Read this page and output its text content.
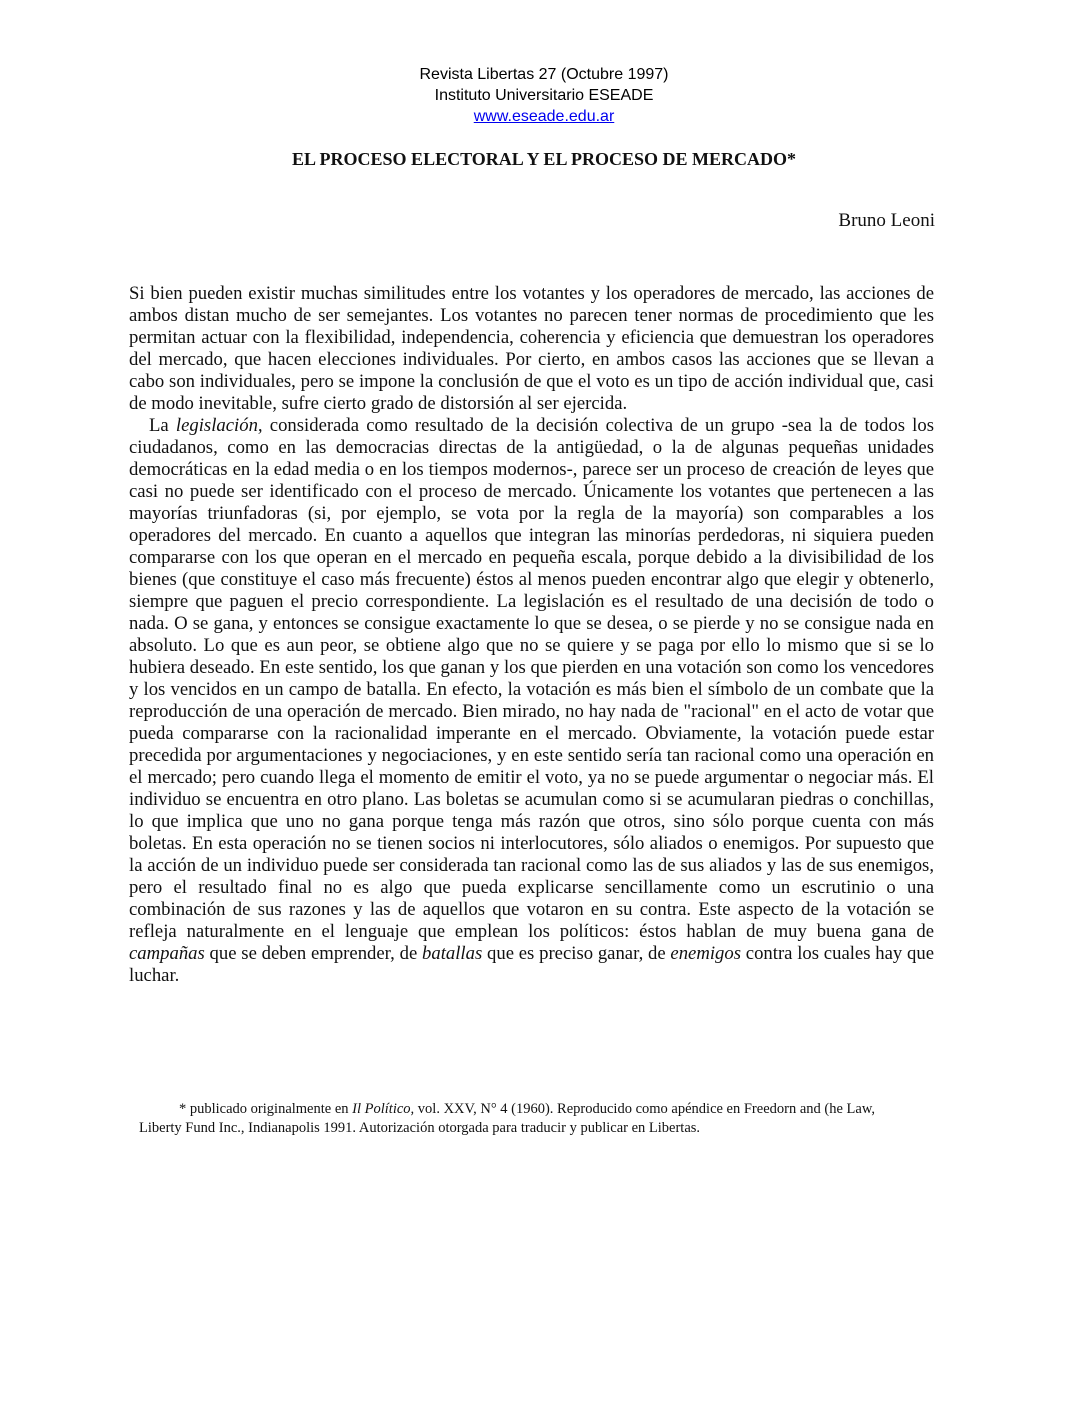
Revista Libertas 27 (Octubre 1997)
Instituto Universitario ESEADE
www.eseade.edu.ar
EL PROCESO ELECTORAL Y EL PROCESO DE MERCADO*
Bruno Leoni

Si bien pueden existir muchas similitudes entre los votantes y los operadores de mercado, las acciones de ambos distan mucho de ser semejantes. Los votantes no parecen tener normas de procedimiento que les permitan actuar con la flexibilidad, independencia, coherencia y eficiencia que demuestran los operadores del mercado, que hacen elecciones individuales. Por cierto, en ambos casos las acciones que se llevan a cabo son individuales, pero se impone la conclusión de que el voto es un tipo de acción individual que, casi de modo inevitable, sufre cierto grado de distorsión al ser ejercida.

La legislación, considerada como resultado de la decisión colectiva de un grupo -sea la de todos los ciudadanos, como en las democracias directas de la antigüedad, o la de algunas pequeñas unidades democráticas en la edad media o en los tiempos modernos-, parece ser un proceso de creación de leyes que casi no puede ser identificado con el proceso de mercado. Únicamente los votantes que pertenecen a las mayorías triunfadoras (si, por ejemplo, se vota por la regla de la mayoría) son comparables a los operadores del mercado. En cuanto a aquellos que integran las minorías perdedoras, ni siquiera pueden compararse con los que operan en el mercado en pequeña escala, porque debido a la divisibilidad de los bienes (que constituye el caso más frecuente) éstos al menos pueden encontrar algo que elegir y obtenerlo, siempre que paguen el precio correspondiente. La legislación es el resultado de una decisión de todo o nada. O se gana, y entonces se consigue exactamente lo que se desea, o se pierde y no se consigue nada en absoluto. Lo que es aun peor, se obtiene algo que no se quiere y se paga por ello lo mismo que si se lo hubiera deseado. En este sentido, los que ganan y los que pierden en una votación son como los vencedores y los vencidos en un campo de batalla. En efecto, la votación es más bien el símbolo de un combate que la reproducción de una operación de mercado. Bien mirado, no hay nada de "racional" en el acto de votar que pueda compararse con la racionalidad imperante en el mercado. Obviamente, la votación puede estar precedida por argumentaciones y negociaciones, y en este sentido sería tan racional como una operación en el mercado; pero cuando llega el momento de emitir el voto, ya no se puede argumentar o negociar más. El individuo se encuentra en otro plano. Las boletas se acumulan como si se acumularan piedras o conchillas, lo que implica que uno no gana porque tenga más razón que otros, sino sólo porque cuenta con más boletas. En esta operación no se tienen socios ni interlocutores, sólo aliados o enemigos. Por supuesto que la acción de un individuo puede ser considerada tan racional como las de sus aliados y las de sus enemigos, pero el resultado final no es algo que pueda explicarse sencillamente como un escrutinio o una combinación de sus razones y las de aquellos que votaron en su contra. Este aspecto de la votación se refleja naturalmente en el lenguaje que emplean los políticos: éstos hablan de muy buena gana de campañas que se deben emprender, de batallas que es preciso ganar, de enemigos contra los cuales hay que luchar.

* publicado originalmente en Il Político, vol. XXV, N° 4 (1960). Reproducido como apéndice en Freedorn and (he Law,
Liberty Fund Inc., Indianapolis 1991. Autorización otorgada para traducir y publicar en Libertas.
